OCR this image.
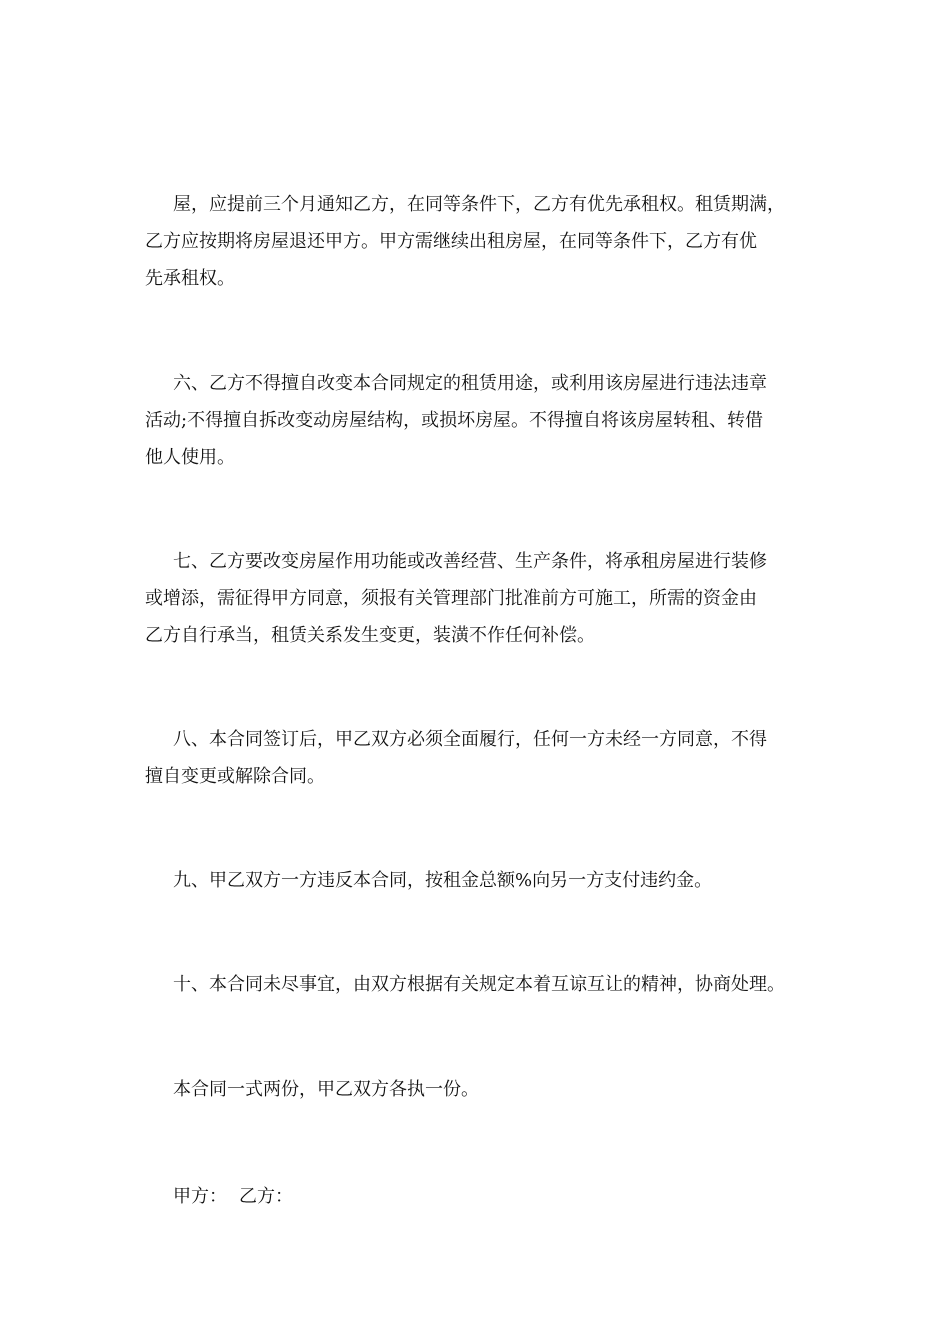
屋，应提前三个月通知乙方，在同等条件下，乙方有优先承租权。租赁期满，
乙方应按期将房屋退还甲方。甲方需继续出租房屋，在同等条件下，乙方有优
先承租权。
六、乙方不得擅自改变本合同规定的租赁用途，或利用该房屋进行违法违章
活动;不得擅自拆改变动房屋结构，或损坏房屋。不得擅自将该房屋转租、转借
他人使用。
七、乙方要改变房屋作用功能或改善经营、生产条件，将承租房屋进行装修
或增添，需征得甲方同意，须报有关管理部门批准前方可施工，所需的资金由
乙方自行承当，租赁关系发生变更，装潢不作任何补偿。
八、本合同签订后，甲乙双方必须全面履行，任何一方未经一方同意，不得
擅自变更或解除合同。
九、甲乙双方一方违反本合同，按租金总额%向另一方支付违约金。
十、本合同未尽事宜，由双方根据有关规定本着互谅互让的精神，协商处理。
本合同一式两份，甲乙双方各执一份。
甲方： 乙方：
